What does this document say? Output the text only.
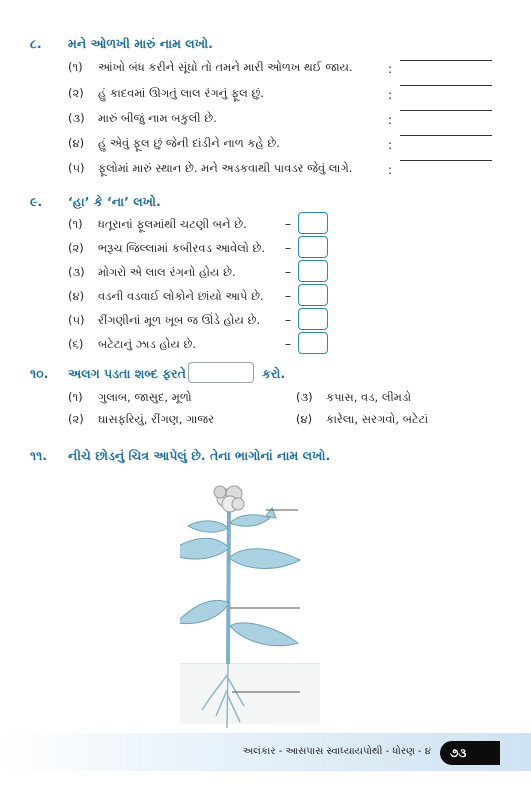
૮. મને ઓળખી મારું નામ લખો.
(૧) આંખો બંધ કરીને સૂંઘો તો તમને મારી ઓળખ થઈ જાય.	:
(૨) હું કાદવમાં ઊગતું લાલ રંગનું ફૂલ છું.	:
(૩) મારું બીજું નામ બકુલી છે.	:
(૪) હું એવું ફૂલ છું જેની દાંડીને નાળ કહે છે.	:
(૫) ફૂલોમાં મારું સ્થાન છે. મને અડકવાથી પાવડર જેવું લાગે.	:
૯. ‘હા’ કે ‘ના’ લખો.
(૧) ધતૂરાનાં ફૂલમાંથી ચટણી બને છે.	–
(૨) ભરૂચ જિલ્લામાં કબીરવડ આવેલો છે. –
(૩) મોગરો એ લાલ રંગનો હોય છે.	–
(૪) વડની વડવાઈ લોકોને છાંયો આપે છે. –
(૫) રીંગણીનાં મૂળ ખૂબ જ ઊંડે હોય છે. –
(૬) બટેટાનું ઝાડ હોય છે.	–
૧૦. અલગ પડતા શબ્દ ફરતે	કરો.
(૧) ગુલાબ, જાસુદ, મૂળો
(૨) ઘાસફરિયું, રીંગણ, ગાજર
(૩) કપાસ, વડ, લીમડો
(૪) કારેલા, સરગવો, બટેટાં
૧૧. નીચે છોડનું ચિત્ર આપેલું છે. તેના ભાગોનાં નામ લખો.
અલંકાર - આસપાસ સ્વાધ્યાયપોથી - ધોરણ - ૪	૭૩
